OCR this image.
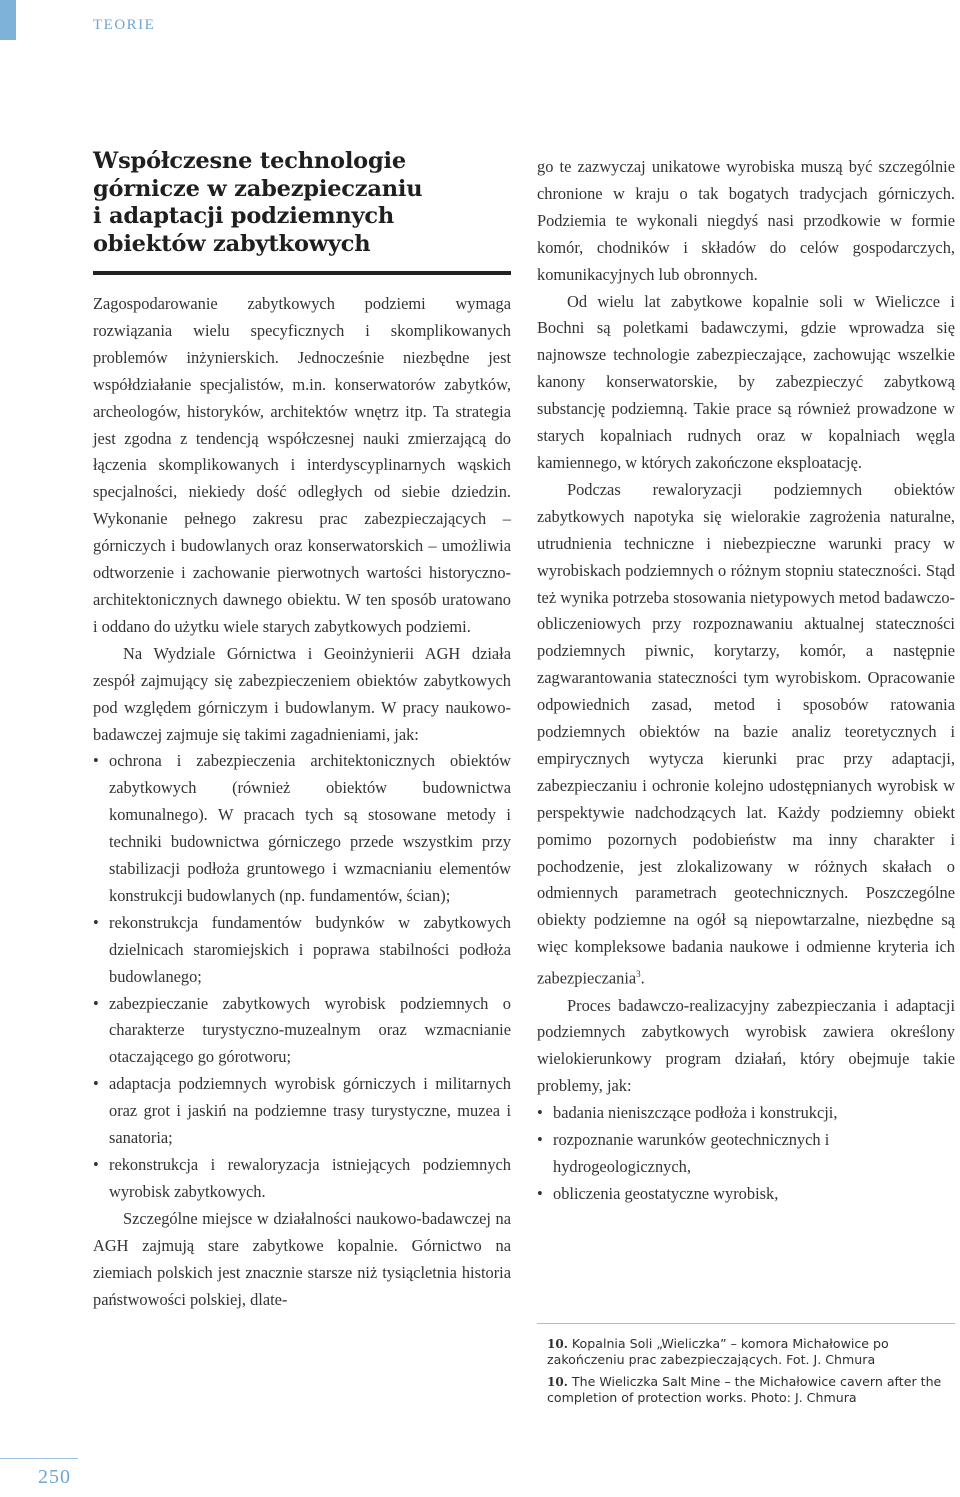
TEORIE
Współczesne technologie
górnicze w zabezpieczaniu
i adaptacji podziemnych
obiektów zabytkowych

Zagospodarowanie zabytkowych podziemi wymaga rozwiązania wielu specyficznych i skomplikowanych problemów inżynierskich. Jednocześnie niezbędne jest współdziałanie specjalistów, m.in. konserwatorów zabytków, archeologów, historyków, architektów wnętrz itp. Ta strategia jest zgodna z tendencją współczesnej nauki zmierzającą do łączenia skomplikowanych i interdyscyplinarnych wąskich specjalności, niekiedy dość odległych od siebie dziedzin. Wykonanie pełnego zakresu prac zabezpieczających – górniczych i budowlanych oraz konserwatorskich – umożliwia odtworzenie i zachowanie pierwotnych wartości historyczno-architektonicznych dawnego obiektu. W ten sposób uratowano i oddano do użytku wiele starych zabytkowych podziemi.

Na Wydziale Górnictwa i Geoinżynierii AGH działa zespół zajmujący się zabezpieczeniem obiektów zabytkowych pod względem górniczym i budowlanym. W pracy naukowo-badawczej zajmuje się takimi zagadnieniami, jak:

• ochrona i zabezpieczenia architektonicznych obiektów zabytkowych (również obiektów budownictwa komunalnego). W pracach tych są stosowane metody i techniki budownictwa górniczego przede wszystkim przy stabilizacji podłoża gruntowego i wzmacnianiu elementów konstrukcji budowlanych (np. fundamentów, ścian);
• rekonstrukcja fundamentów budynków w zabytkowych dzielnicach staromiejskich i poprawa stabilności podłoża budowlanego;
• zabezpieczanie zabytkowych wyrobisk podziemnych o charakterze turystyczno-muzealnym oraz wzmacnianie otaczającego go górotworu;
• adaptacja podziemnych wyrobisk górniczych i militarnych oraz grot i jaskiń na podziemne trasy turystyczne, muzea i sanatoria;
• rekonstrukcja i rewaloryzacja istniejących podziemnych wyrobisk zabytkowych.

Szczególne miejsce w działalności naukowo-badawczej na AGH zajmują stare zabytkowe kopalnie. Górnictwo na ziemiach polskich jest znacznie starsze niż tysiącletnia historia państwowości polskiej, dlate-

go te zazwyczaj unikatowe wyrobiska muszą być szczególnie chronione w kraju o tak bogatych tradycjach górniczych. Podziemia te wykonali niegdyś nasi przodkowie w formie komór, chodników i składów do celów gospodarczych, komunikacyjnych lub obronnych.

Od wielu lat zabytkowe kopalnie soli w Wieliczce i Bochni są poletkami badawczymi, gdzie wprowadza się najnowsze technologie zabezpieczające, zachowując wszelkie kanony konserwatorskie, by zabezpieczyć zabytkową substancję podziemną. Takie prace są również prowadzone w starych kopalniach rudnych oraz w kopalniach węgla kamiennego, w których zakończone eksploatację.

Podczas rewaloryzacji podziemnych obiektów zabytkowych napotyka się wielorakie zagrożenia naturalne, utrudnienia techniczne i niebezpieczne warunki pracy w wyrobiskach podziemnych o różnym stopniu stateczności. Stąd też wynika potrzeba stosowania nietypowych metod badawczo-obliczeniowych przy rozpoznawaniu aktualnej stateczności podziemnych piwnic, korytarzy, komór, a następnie zagwarantowania stateczności tym wyrobiskom. Opracowanie odpowiednich zasad, metod i sposobów ratowania podziemnych obiektów na bazie analiz teoretycznych i empirycznych wytycza kierunki prac przy adaptacji, zabezpieczaniu i ochronie kolejno udostępnianych wyrobisk w perspektywie nadchodzących lat. Każdy podziemny obiekt pomimo pozornych podobieństw ma inny charakter i pochodzenie, jest zlokalizowany w różnych skałach o odmiennych parametrach geotechnicznych. Poszczególne obiekty podziemne na ogół są niepowtarzalne, niezbędne są więc kompleksowe badania naukowe i odmienne kryteria ich zabezpieczania$^3$.

Proces badawczo-realizacyjny zabezpieczania i adaptacji podziemnych zabytkowych wyrobisk zawiera określony wielokierunkowy program działań, który obejmuje takie problemy, jak:

• badania nieniszczące podłoża i konstrukcji,
• rozpoznanie warunków geotechnicznych i hydrogeologicznych,
• obliczenia geostatyczne wyrobisk,

10. Kopalnia Soli „Wieliczka” – komora Michałowice po zakończeniu prac zabezpieczających. Fot. J. Chmura

10. The Wieliczka Salt Mine – the Michałowice cavern after the completion of protection works. Photo: J. Chmura

250
